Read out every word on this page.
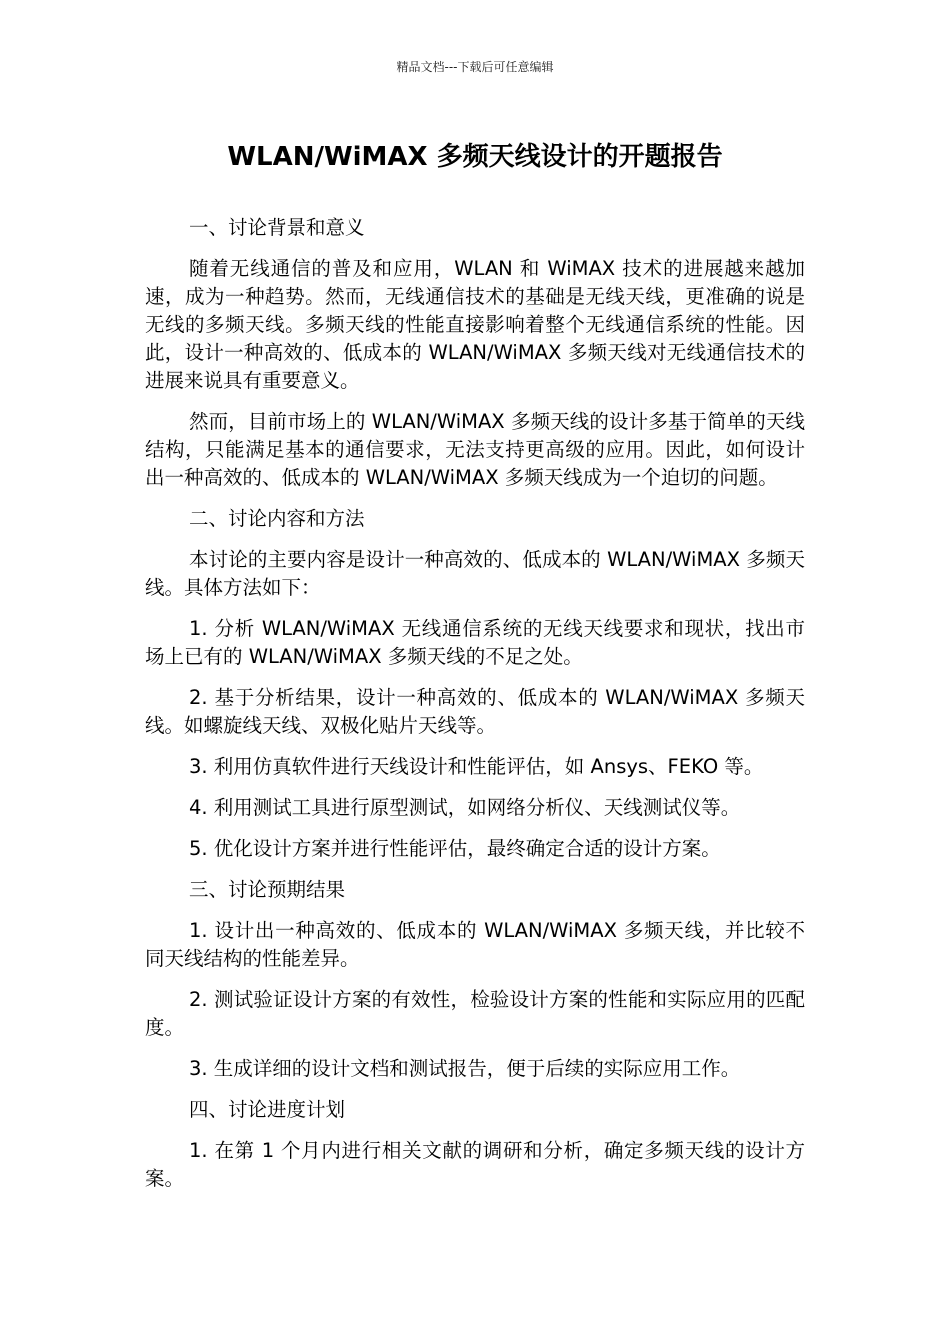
精品文档---下载后可任意编辑
WLAN/WiMAX 多频天线设计的开题报告

一、讨论背景和意义

随着无线通信的普及和应用，WLAN 和 WiMAX 技术的进展越来越加速，成为一种趋势。然而，无线通信技术的基础是无线天线，更准确的说是无线的多频天线。多频天线的性能直接影响着整个无线通信系统的性能。因此，设计一种高效的、低成本的 WLAN/WiMAX 多频天线对无线通信技术的进展来说具有重要意义。

然而，目前市场上的 WLAN/WiMAX 多频天线的设计多基于简单的天线结构，只能满足基本的通信要求，无法支持更高级的应用。因此，如何设计出一种高效的、低成本的 WLAN/WiMAX 多频天线成为一个迫切的问题。

二、讨论内容和方法

本讨论的主要内容是设计一种高效的、低成本的 WLAN/WiMAX 多频天线。具体方法如下：

1. 分析 WLAN/WiMAX 无线通信系统的无线天线要求和现状，找出市场上已有的 WLAN/WiMAX 多频天线的不足之处。

2. 基于分析结果，设计一种高效的、低成本的 WLAN/WiMAX 多频天线。如螺旋线天线、双极化贴片天线等。

3. 利用仿真软件进行天线设计和性能评估，如 Ansys、FEKO 等。

4. 利用测试工具进行原型测试，如网络分析仪、天线测试仪等。

5. 优化设计方案并进行性能评估，最终确定合适的设计方案。

三、讨论预期结果

1. 设计出一种高效的、低成本的 WLAN/WiMAX 多频天线，并比较不同天线结构的性能差异。

2. 测试验证设计方案的有效性，检验设计方案的性能和实际应用的匹配度。

3. 生成详细的设计文档和测试报告，便于后续的实际应用工作。

四、讨论进度计划

1. 在第 1 个月内进行相关文献的调研和分析，确定多频天线的设计方案。
